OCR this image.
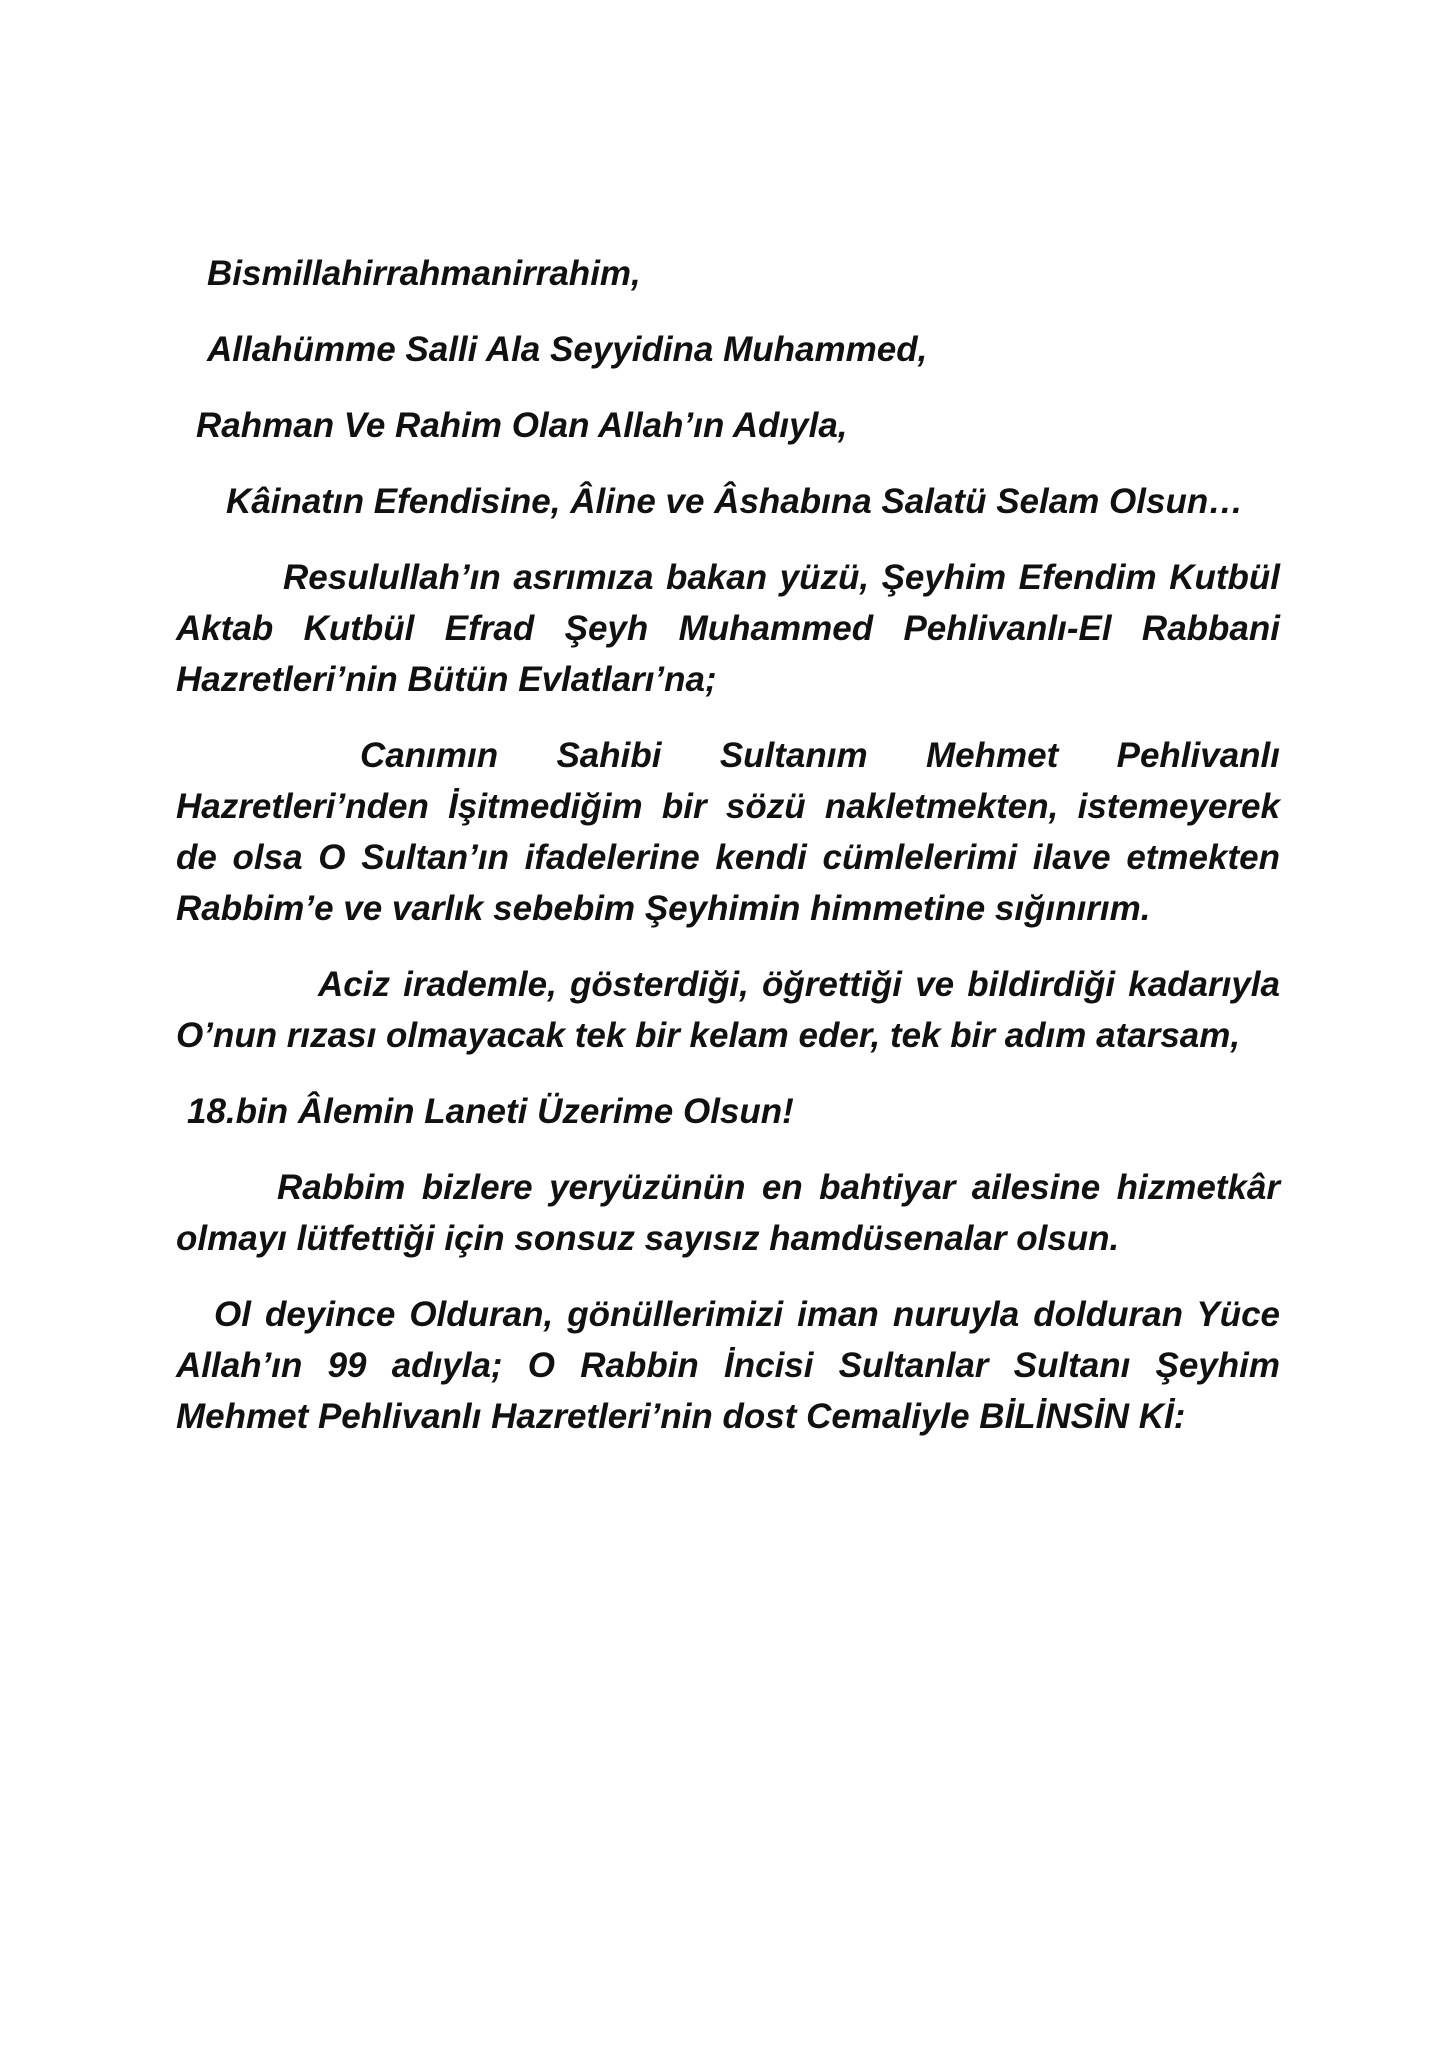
Bismillahirrahmanirrahim,

Allahümme Salli Ala Seyyidina Muhammed,

Rahman Ve Rahim Olan Allah’ın Adıyla,

Kâinatın Efendisine, Âline ve Âshabına Salatü Selam Olsun…

Resulullah’ın asrımıza bakan yüzü, Şeyhim Efendim Kutbül Aktab Kutbül Efrad Şeyh Muhammed Pehlivanlı-El Rabbani Hazretleri’nin Bütün Evlatları’na;

Canımın Sahibi Sultanım Mehmet Pehlivanlı Hazretleri’nden İşitmediğim bir sözü nakletmekten, istemeyerek de olsa O Sultan’ın ifadelerine kendi cümlelerimi ilave etmekten Rabbim’e ve varlık sebebim Şeyhimin himmetine sığınırım.

Aciz irademle, gösterdiği, öğrettiği ve bildirdiği kadarıyla O’nun rızası olmayacak tek bir kelam eder, tek bir adım atarsam,

18.bin Âlemin Laneti Üzerime Olsun!

Rabbim bizlere yeryüzünün en bahtiyar ailesine hizmetkâr olmayı lütfettiği için sonsuz sayısız hamdüsenalar olsun.

Ol deyince Olduran, gönüllerimizi iman nuruyla dolduran Yüce Allah’ın 99 adıyla; O Rabbin İncisi Sultanlar Sultanı Şeyhim Mehmet Pehlivanlı Hazretleri’nin dost Cemaliyle BİLİNSİN Kİ:
